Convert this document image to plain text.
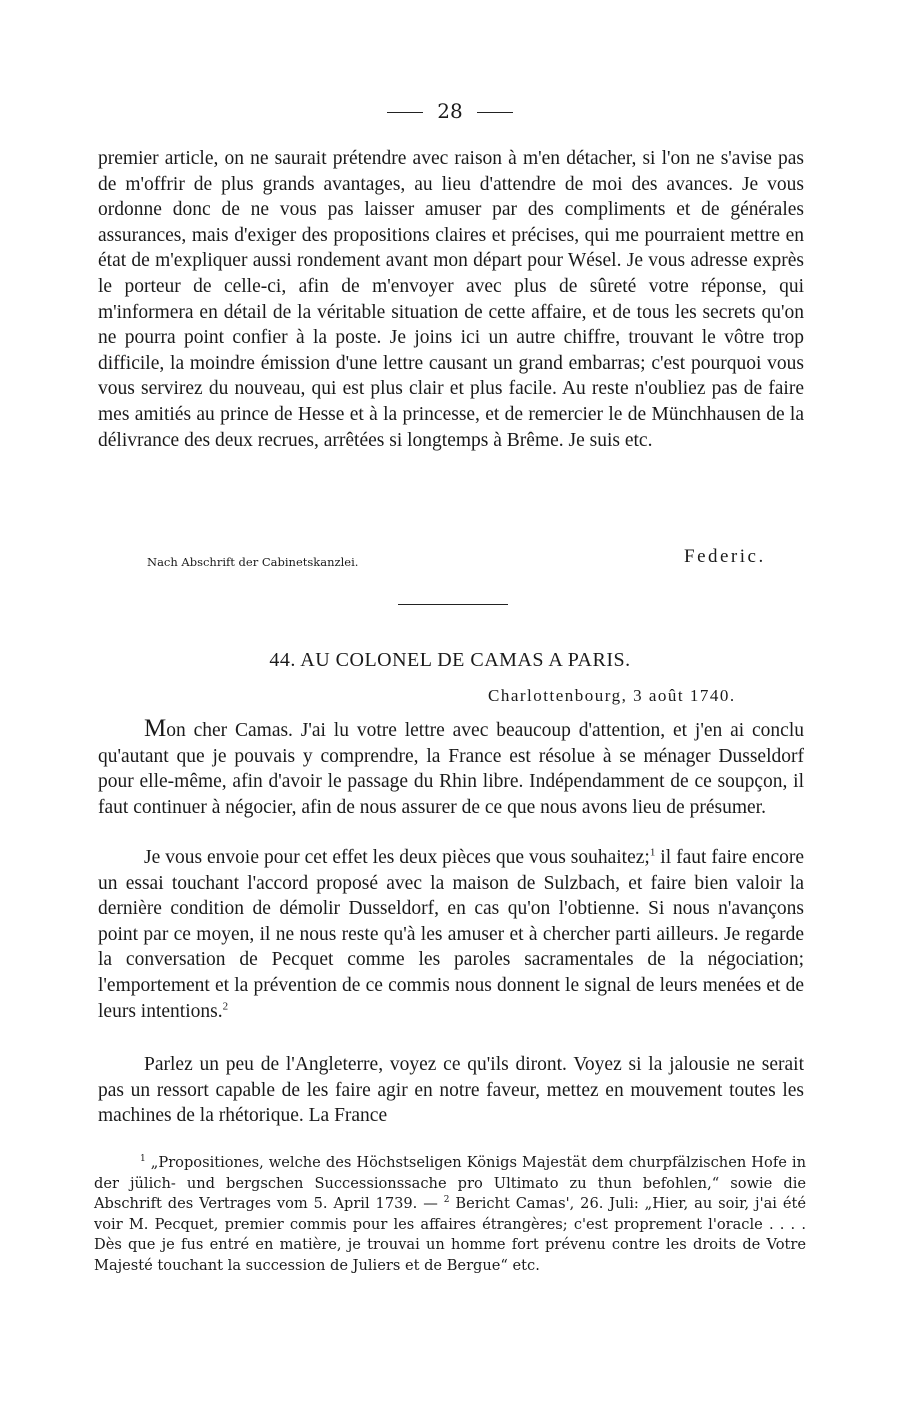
28

premier article, on ne saurait prétendre avec raison à m'en détacher, si l'on ne s'avise pas de m'offrir de plus grands avantages, au lieu d'attendre de moi des avances. Je vous ordonne donc de ne vous pas laisser amuser par des compliments et de générales assurances, mais d'exiger des propositions claires et précises, qui me pourraient mettre en état de m'expliquer aussi rondement avant mon départ pour Wésel. Je vous adresse exprès le porteur de celle-ci, afin de m'envoyer avec plus de sûreté votre réponse, qui m'informera en détail de la véritable situation de cette affaire, et de tous les secrets qu'on ne pourra point confier à la poste. Je joins ici un autre chiffre, trouvant le vôtre trop difficile, la moindre émission d'une lettre causant un grand embarras; c'est pourquoi vous vous servirez du nouveau, qui est plus clair et plus facile. Au reste n'oubliez pas de faire mes amitiés au prince de Hesse et à la princesse, et de remercier le de Münchhausen de la délivrance des deux recrues, arrêtées si longtemps à Brême. Je suis etc.

Nach Abschrift der Cabinetskanzlei.	Federic.
44. AU COLONEL DE CAMAS A PARIS.
Charlottenbourg, 3 août 1740.

Mon cher Camas. J'ai lu votre lettre avec beaucoup d'attention, et j'en ai conclu qu'autant que je pouvais y comprendre, la France est résolue à se ménager Dusseldorf pour elle-même, afin d'avoir le passage du Rhin libre. Indépendamment de ce soupçon, il faut continuer à négocier, afin de nous assurer de ce que nous avons lieu de présumer.

Je vous envoie pour cet effet les deux pièces que vous souhaitez;$^1$ il faut faire encore un essai touchant l'accord proposé avec la maison de Sulzbach, et faire bien valoir la dernière condition de démolir Dusseldorf, en cas qu'on l'obtienne. Si nous n'avançons point par ce moyen, il ne nous reste qu'à les amuser et à chercher parti ailleurs. Je regarde la conversation de Pecquet comme les paroles sacramentales de la négociation; l'emportement et la prévention de ce commis nous donnent le signal de leurs menées et de leurs intentions.$^2$

Parlez un peu de l'Angleterre, voyez ce qu'ils diront. Voyez si la jalousie ne serait pas un ressort capable de les faire agir en notre faveur, mettez en mouvement toutes les machines de la rhétorique. La France

$^1$ „Propositiones, welche des Höchstseligen Königs Majestät dem churpfälzischen Hofe in der jülich- und bergschen Successionssache pro Ultimato zu thun befohlen,“ sowie die Abschrift des Vertrages vom 5. April 1739. — $^2$ Bericht Camas', 26. Juli: „Hier, au soir, j'ai été voir M. Pecquet, premier commis pour les affaires étrangères; c'est proprement l'oracle . . . . Dès que je fus entré en matière, je trouvai un homme fort prévenu contre les droits de Votre Majesté touchant la succession de Juliers et de Bergue“ etc.
